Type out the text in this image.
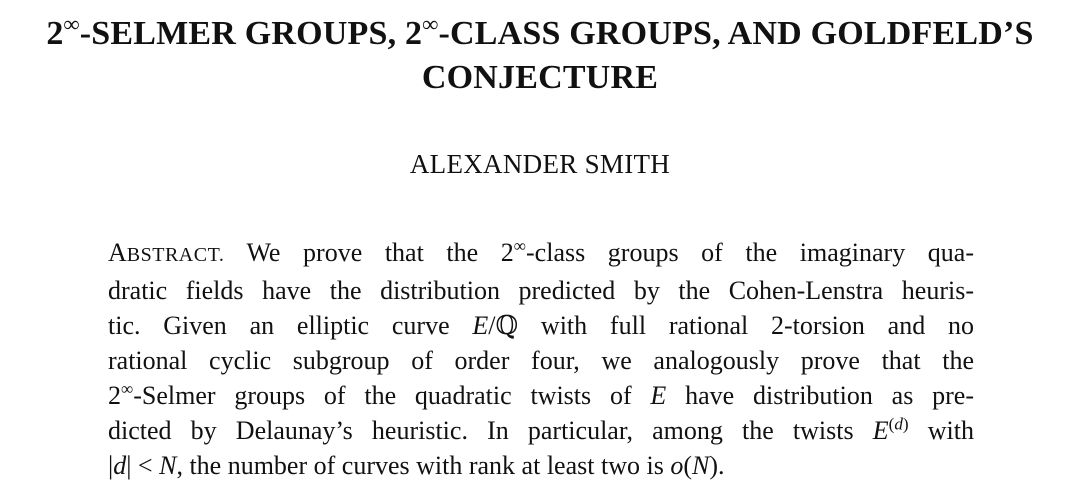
2∞-SELMER GROUPS, 2∞-CLASS GROUPS, AND GOLDFELD’S
CONJECTURE
ALEXANDER SMITH
ABSTRACT. We prove that the 2∞-class groups of the imaginary qua-
dratic fields have the distribution predicted by the Cohen-Lenstra heuris-
tic. Given an elliptic curve E/ℚ with full rational 2-torsion and no
rational cyclic subgroup of order four, we analogously prove that the
2∞-Selmer groups of the quadratic twists of E have distribution as pre-
dicted by Delaunay’s heuristic. In particular, among the twists $E^{(d)}$ with
|d| < N, the number of curves with rank at least two is o(N).
